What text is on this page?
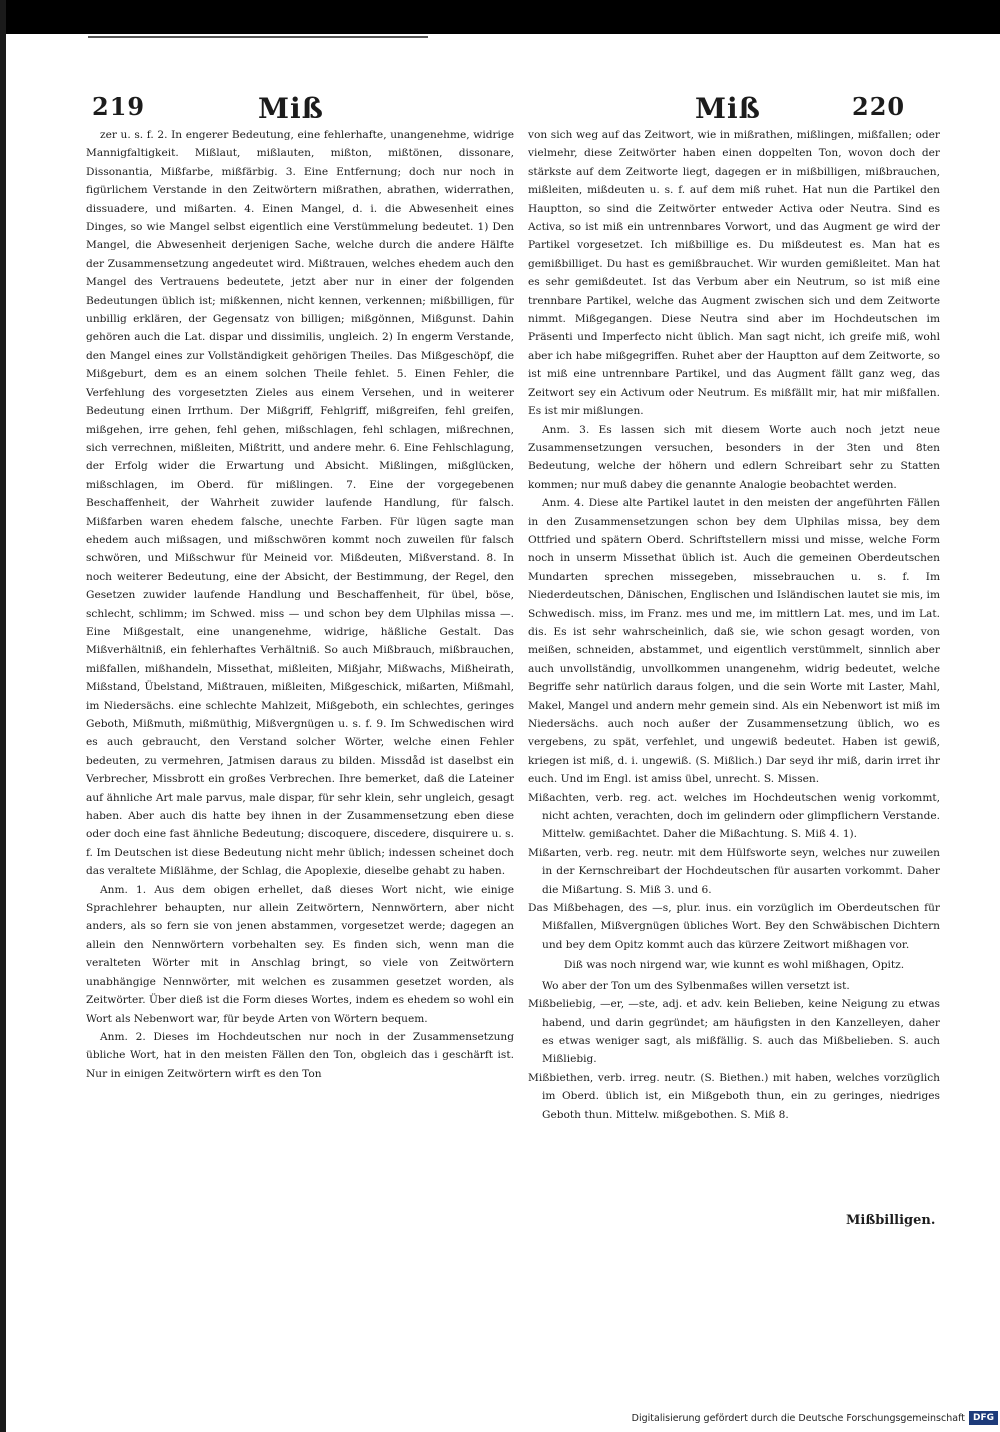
219	Miß	Miß	220

zer u. s. f. 2. In engerer Bedeutung, eine fehlerhafte, unangenehme, widrige Mannigfaltigkeit. Mißlaut, mißlauten, mißton, mißtönen, dissonare, Dissonantia, Mißfarbe, mißfärbig. 3. Eine Entfernung; doch nur noch in figürlichem Verstande in den Zeitwörtern mißrathen, abrathen, widerrathen, dissuadere, und mißarten. 4. Einen Mangel, d. i. die Abwesenheit eines Dinges, so wie Mangel selbst eigentlich eine Verstümmelung bedeutet. 1) Den Mangel, die Abwesenheit derjenigen Sache, welche durch die andere Hälfte der Zusammensetzung angedeutet wird. Mißtrauen, welches ehedem auch den Mangel des Vertrauens bedeutete, jetzt aber nur in einer der folgenden Bedeutungen üblich ist; mißkennen, nicht kennen, verkennen; mißbilligen, für unbillig erklären, der Gegensatz von billigen; mißgönnen, Mißgunst. Dahin gehören auch die Lat. dispar und dissimilis, ungleich. 2) In engerm Verstande, den Mangel eines zur Vollständigkeit gehörigen Theiles. Das Mißgeschöpf, die Mißgeburt, dem es an einem solchen Theile fehlet. 5. Einen Fehler, die Verfehlung des vorgesetzten Zieles aus einem Versehen, und in weiterer Bedeutung einen Irrthum. Der Mißgriff, Fehlgriff, mißgreifen, fehl greifen, mißgehen, irre gehen, fehl gehen, mißschlagen, fehl schlagen, mißrechnen, sich verrechnen, mißleiten, Mißtritt, und andere mehr. 6. Eine Fehlschlagung, der Erfolg wider die Erwartung und Absicht. Mißlingen, mißglücken, mißschlagen, im Oberd. für mißlingen. 7. Eine der vorgegebenen Beschaffenheit, der Wahrheit zuwider laufende Handlung, für falsch. Mißfarben waren ehedem falsche, unechte Farben. Für lügen sagte man ehedem auch mißsagen, und mißschwören kommt noch zuweilen für falsch schwören, und Mißschwur für Meineid vor. Mißdeuten, Mißverstand. 8. In noch weiterer Bedeutung, eine der Absicht, der Bestimmung, der Regel, den Gesetzen zuwider laufende Handlung und Beschaffenheit, für übel, böse, schlecht, schlimm; im Schwed. miss — und schon bey dem Ulphilas missa —. Eine Mißgestalt, eine unangenehme, widrige, häßliche Gestalt. Das Mißverhältniß, ein fehlerhaftes Verhältniß. So auch Mißbrauch, mißbrauchen, mißfallen, mißhandeln, Missethat, mißleiten, Mißjahr, Mißwachs, Mißheirath, Mißstand, Übelstand, Mißtrauen, mißleiten, Mißgeschick, mißarten, Mißmahl, im Niedersächs. eine schlechte Mahlzeit, Mißgeboth, ein schlechtes, geringes Geboth, Mißmuth, mißmüthig, Mißvergnügen u. s. f. 9. Im Schwedischen wird es auch gebraucht, den Verstand solcher Wörter, welche einen Fehler bedeuten, zu vermehren, Jatmisen daraus zu bilden. Missdåd ist daselbst ein Verbrecher, Missbrott ein großes Verbrechen. Ihre bemerket, daß die Lateiner auf ähnliche Art male parvus, male dispar, für sehr klein, sehr ungleich, gesagt haben. Aber auch dis hatte bey ihnen in der Zusammensetzung eben diese oder doch eine fast ähnliche Bedeutung; discoquere, discedere, disquirere u. s. f. Im Deutschen ist diese Bedeutung nicht mehr üblich; indessen scheinet doch das veraltete Mißlähme, der Schlag, die Apoplexie, dieselbe gehabt zu haben.

Anm. 1. Aus dem obigen erhellet, daß dieses Wort nicht, wie einige Sprachlehrer behaupten, nur allein Zeitwörtern, Nennwörtern, aber nicht anders, als so fern sie von jenen abstammen, vorgesetzet werde; dagegen an allein den Nennwörtern vorbehalten sey. Es finden sich, wenn man die veralteten Wörter mit in Anschlag bringt, so viele von Zeitwörtern unabhängige Nennwörter, mit welchen es zusammen gesetzet worden, als Zeitwörter. Über dieß ist die Form dieses Wortes, indem es ehedem so wohl ein Wort als Nebenwort war, für beyde Arten von Wörtern bequem.

Anm. 2. Dieses im Hochdeutschen nur noch in der Zusammensetzung übliche Wort, hat in den meisten Fällen den Ton, obgleich das i geschärft ist. Nur in einigen Zeitwörtern wirft es den Ton

von sich weg auf das Zeitwort, wie in mißrathen, mißlingen, mißfallen; oder vielmehr, diese Zeitwörter haben einen doppelten Ton, wovon doch der stärkste auf dem Zeitworte liegt, dagegen er in mißbilligen, mißbrauchen, mißleiten, mißdeuten u. s. f. auf dem miß ruhet. Hat nun die Partikel den Hauptton, so sind die Zeitwörter entweder Activa oder Neutra. Sind es Activa, so ist miß ein untrennbares Vorwort, und das Augment ge wird der Partikel vorgesetzet. Ich mißbillige es. Du mißdeutest es. Man hat es gemißbilliget. Du hast es gemißbrauchet. Wir wurden gemißleitet. Man hat es sehr gemißdeutet. Ist das Verbum aber ein Neutrum, so ist miß eine trennbare Partikel, welche das Augment zwischen sich und dem Zeitworte nimmt. Mißgegangen. Diese Neutra sind aber im Hochdeutschen im Präsenti und Imperfecto nicht üblich. Man sagt nicht, ich greife miß, wohl aber ich habe mißgegriffen. Ruhet aber der Hauptton auf dem Zeitworte, so ist miß eine untrennbare Partikel, und das Augment fällt ganz weg, das Zeitwort sey ein Activum oder Neutrum. Es mißfällt mir, hat mir mißfallen. Es ist mir mißlungen.

Anm. 3. Es lassen sich mit diesem Worte auch noch jetzt neue Zusammensetzungen versuchen, besonders in der 3ten und 8ten Bedeutung, welche der höhern und edlern Schreibart sehr zu Statten kommen; nur muß dabey die genannte Analogie beobachtet werden.

Anm. 4. Diese alte Partikel lautet in den meisten der angeführten Fällen in den Zusammensetzungen schon bey dem Ulphilas missa, bey dem Ottfried und spätern Oberd. Schriftstellern missi und misse, welche Form noch in unserm Missethat üblich ist. Auch die gemeinen Oberdeutschen Mundarten sprechen missegeben, missebrauchen u. s. f. Im Niederdeutschen, Dänischen, Englischen und Isländischen lautet sie mis, im Schwedisch. miss, im Franz. mes und me, im mittlern Lat. mes, und im Lat. dis. Es ist sehr wahrscheinlich, daß sie, wie schon gesagt worden, von meißen, schneiden, abstammet, und eigentlich verstümmelt, sinnlich aber auch unvollständig, unvollkommen unangenehm, widrig bedeutet, welche Begriffe sehr natürlich daraus folgen, und die sein Worte mit Laster, Mahl, Makel, Mangel und andern mehr gemein sind. Als ein Nebenwort ist miß im Niedersächs. auch noch außer der Zusammensetzung üblich, wo es vergebens, zu spät, verfehlet, und ungewiß bedeutet. Haben ist gewiß, kriegen ist miß, d. i. ungewiß. (S. Mißlich.) Dar seyd ihr miß, darin irret ihr euch. Und im Engl. ist amiss übel, unrecht. S. Missen.

Mißachten, verb. reg. act. welches im Hochdeutschen wenig vorkommt, nicht achten, verachten, doch im gelindern oder glimpflichern Verstande. Mittelw. gemißachtet. Daher die Mißachtung. S. Miß 4. 1).

Mißarten, verb. reg. neutr. mit dem Hülfsworte seyn, welches nur zuweilen in der Kernschreibart der Hochdeutschen für ausarten vorkommt. Daher die Mißartung. S. Miß 3. und 6.

Das Mißbehagen, des —s, plur. inus. ein vorzüglich im Oberdeutschen für Mißfallen, Mißvergnügen übliches Wort. Bey den Schwäbischen Dichtern und bey dem Opitz kommt auch das kürzere Zeitwort mißhagen vor.

Diß was noch nirgend war, wie kunnt es wohl mißhagen, Opitz.

Wo aber der Ton um des Sylbenmaßes willen versetzt ist.

Mißbeliebig, —er, —ste, adj. et adv. kein Belieben, keine Neigung zu etwas habend, und darin gegründet; am häufigsten in den Kanzelleyen, daher es etwas weniger sagt, als mißfällig. S. auch das Mißbelieben. S. auch Mißliebig.

Mißbiethen, verb. irreg. neutr. (S. Biethen.) mit haben, welches vorzüglich im Oberd. üblich ist, ein Mißgeboth thun, ein zu geringes, niedriges Geboth thun. Mittelw. mißgebothen. S. Miß 8.

Mißbilligen.
Digitalisierung gefördert durch die Deutsche Forschungsgemeinschaft DFG
